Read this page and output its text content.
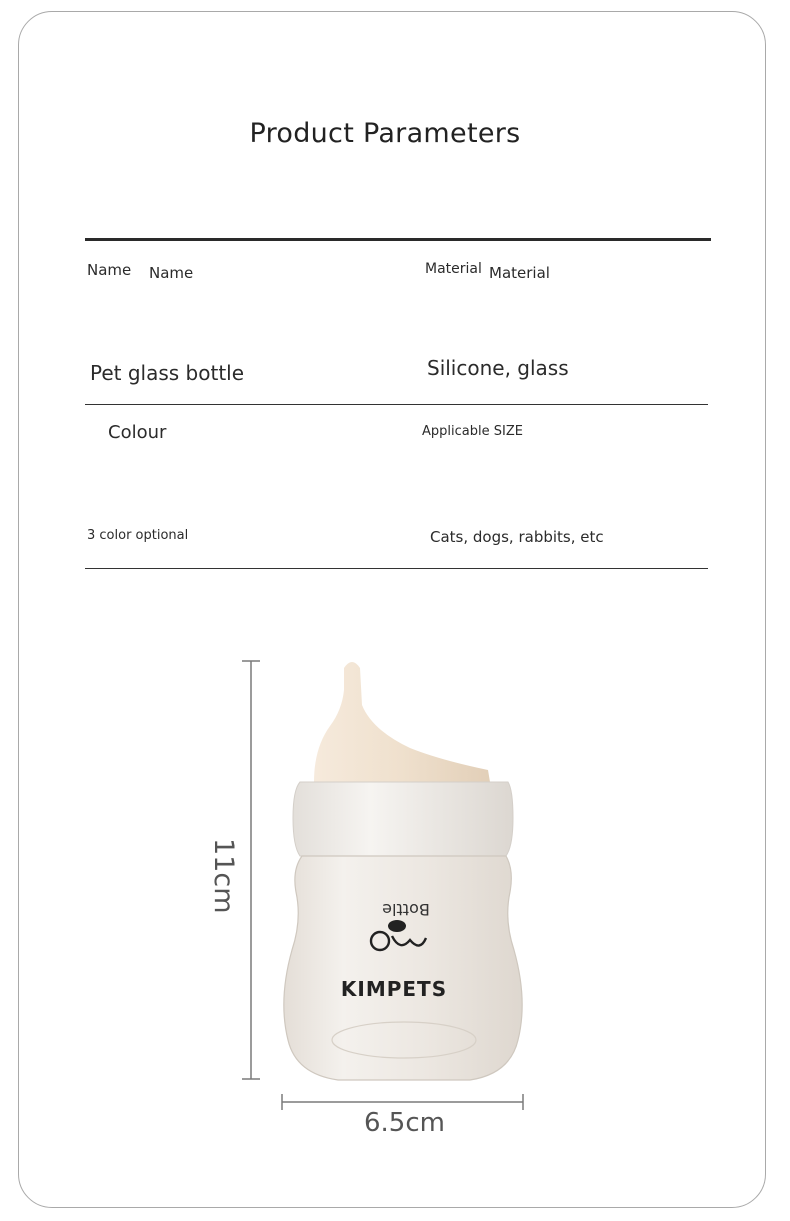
Product Parameters
Name Name	Material Material
Pet glass bottle	Silicone, glass
Colour	Applicable SIZE
3 color optional	Cats, dogs, rabbits, etc
Bottle
KIMPETS
11cm
6.5cm
